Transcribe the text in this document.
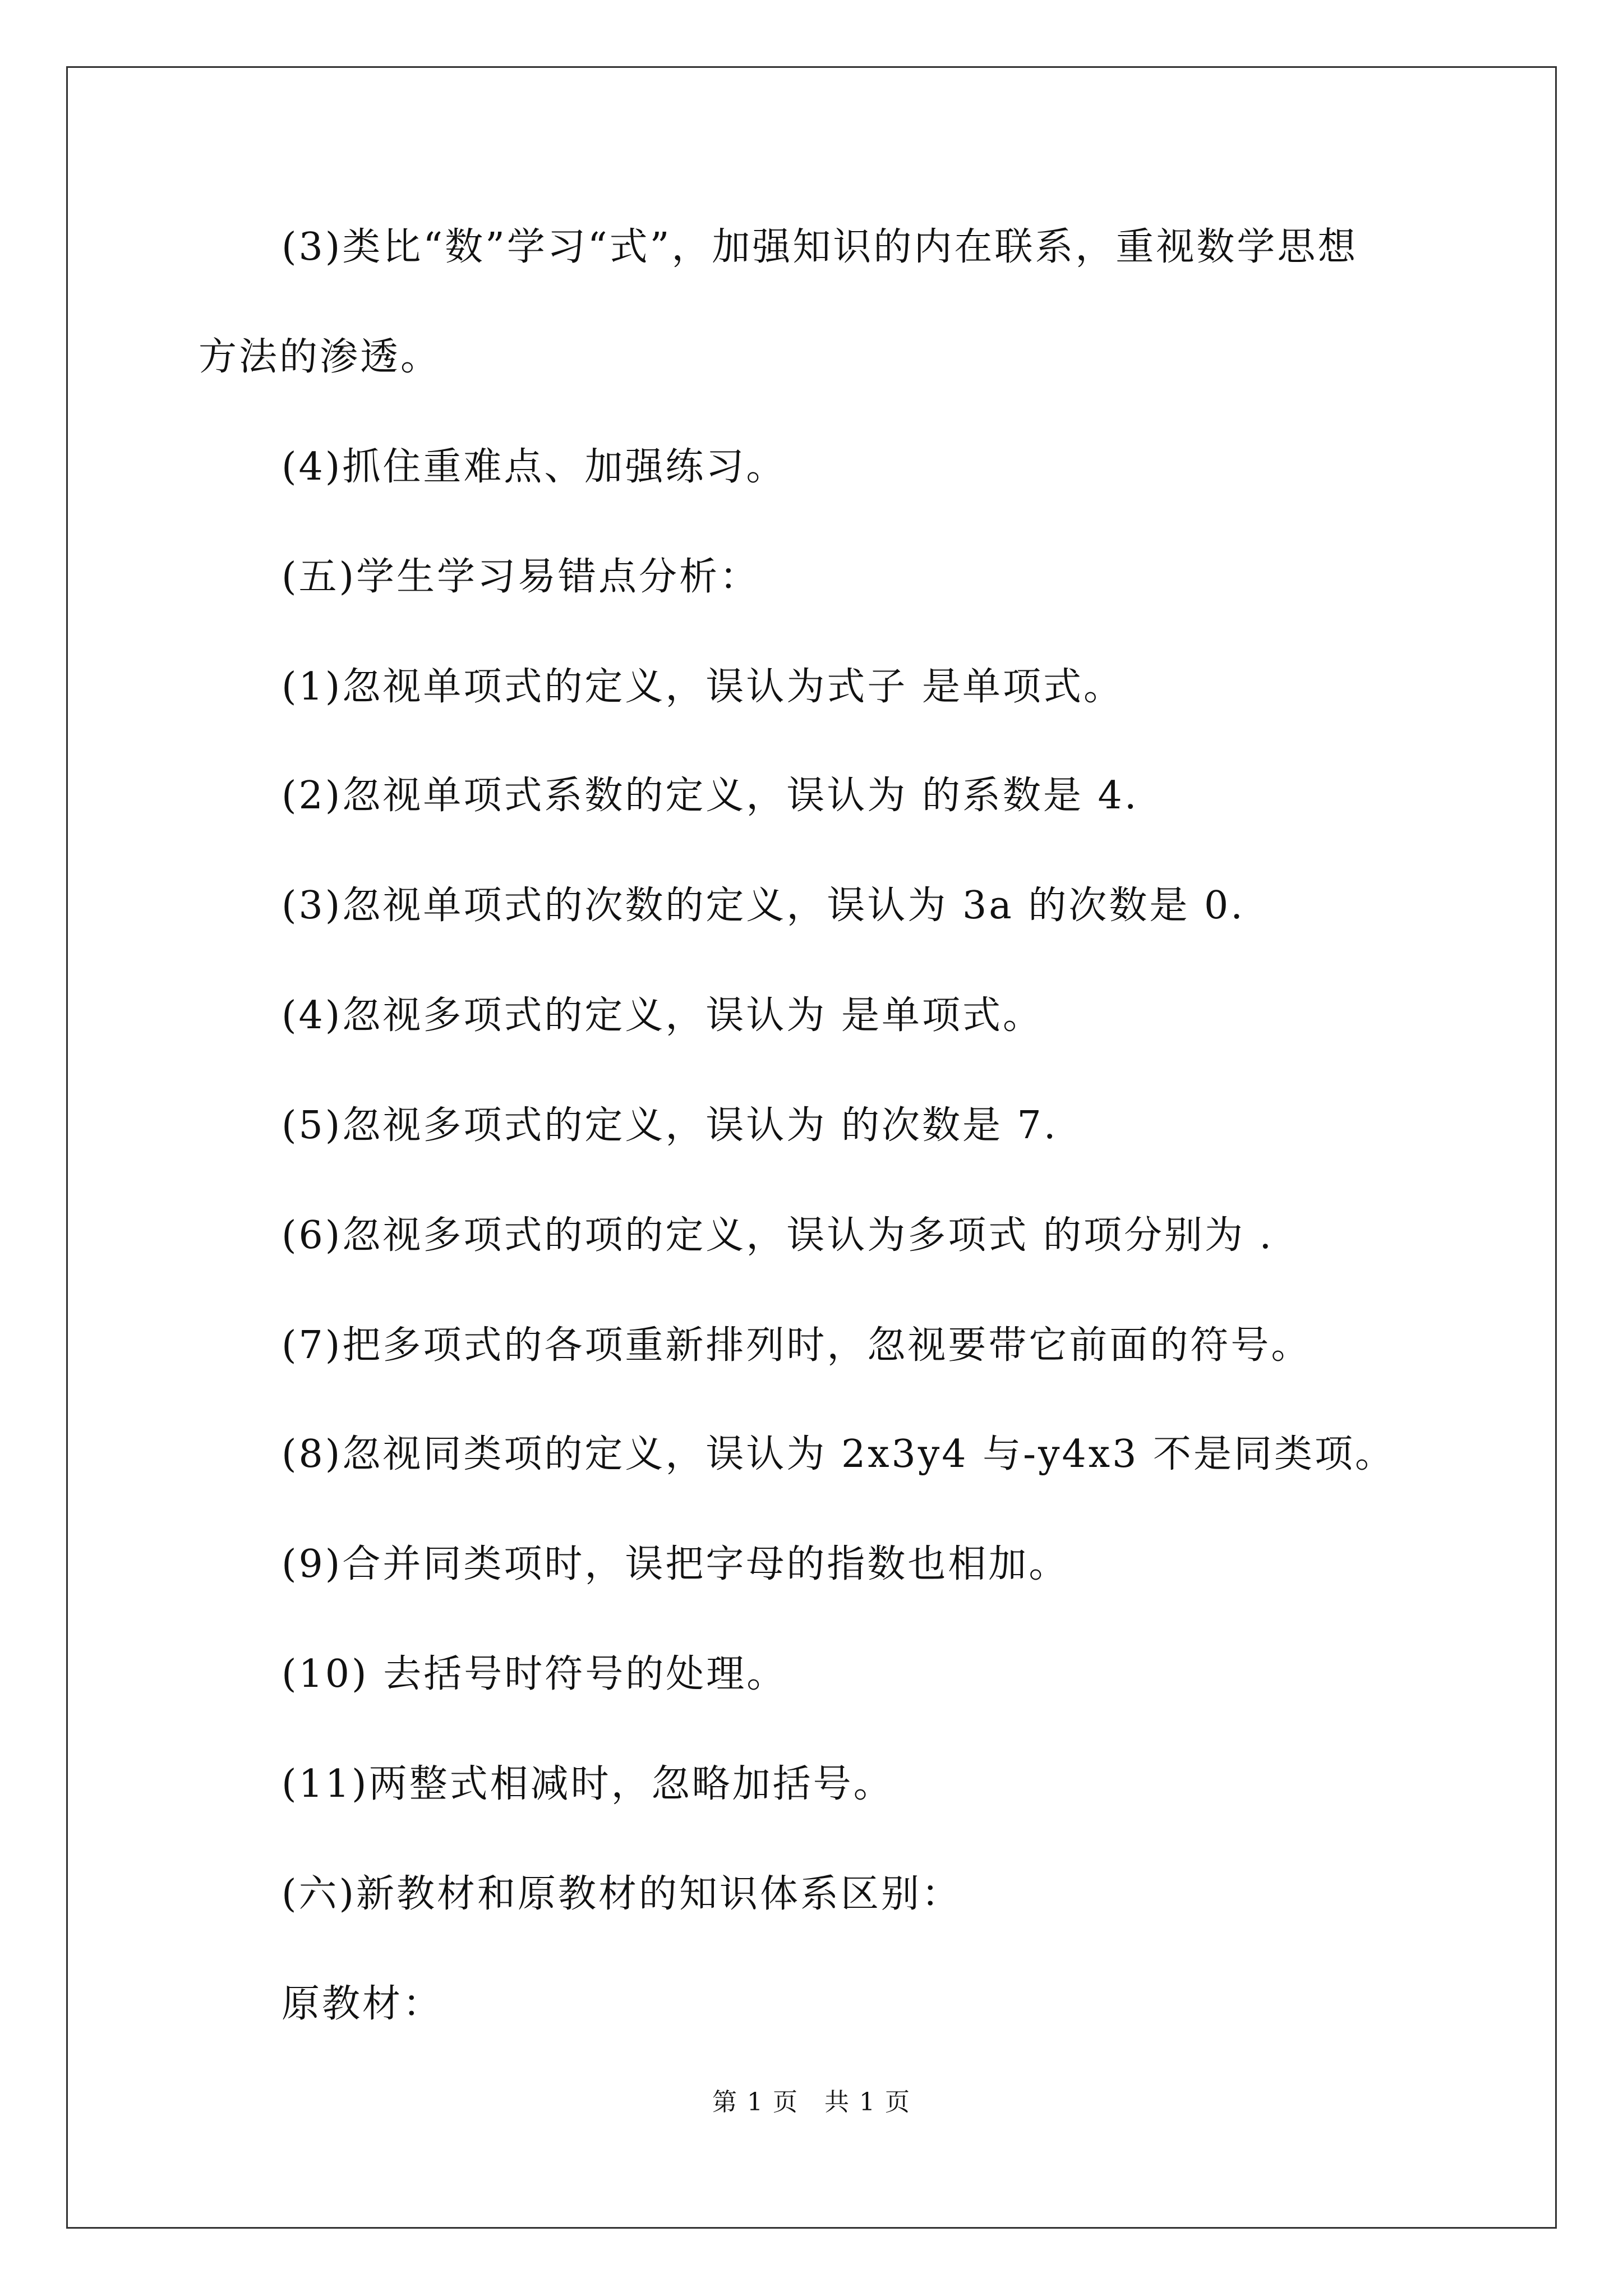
(3)类比“数”学习“式”，加强知识的内在联系，重视数学思想
方法的渗透。
(4)抓住重难点、加强练习。
(五)学生学习易错点分析：
(1)忽视单项式的定义，误认为式子 是单项式。
(2)忽视单项式系数的定义，误认为 的系数是 4.
(3)忽视单项式的次数的定义，误认为 3a 的次数是 0.
(4)忽视多项式的定义，误认为 是单项式。
(5)忽视多项式的定义，误认为 的次数是 7.
(6)忽视多项式的项的定义，误认为多项式 的项分别为 .
(7)把多项式的各项重新排列时，忽视要带它前面的符号。
(8)忽视同类项的定义，误认为 2x3y4 与-y4x3 不是同类项。
(9)合并同类项时，误把字母的指数也相加。
(10) 去括号时符号的处理。
(11)两整式相减时，忽略加括号。
(六)新教材和原教材的知识体系区别：
原教材：
第 1 页　共 1 页
